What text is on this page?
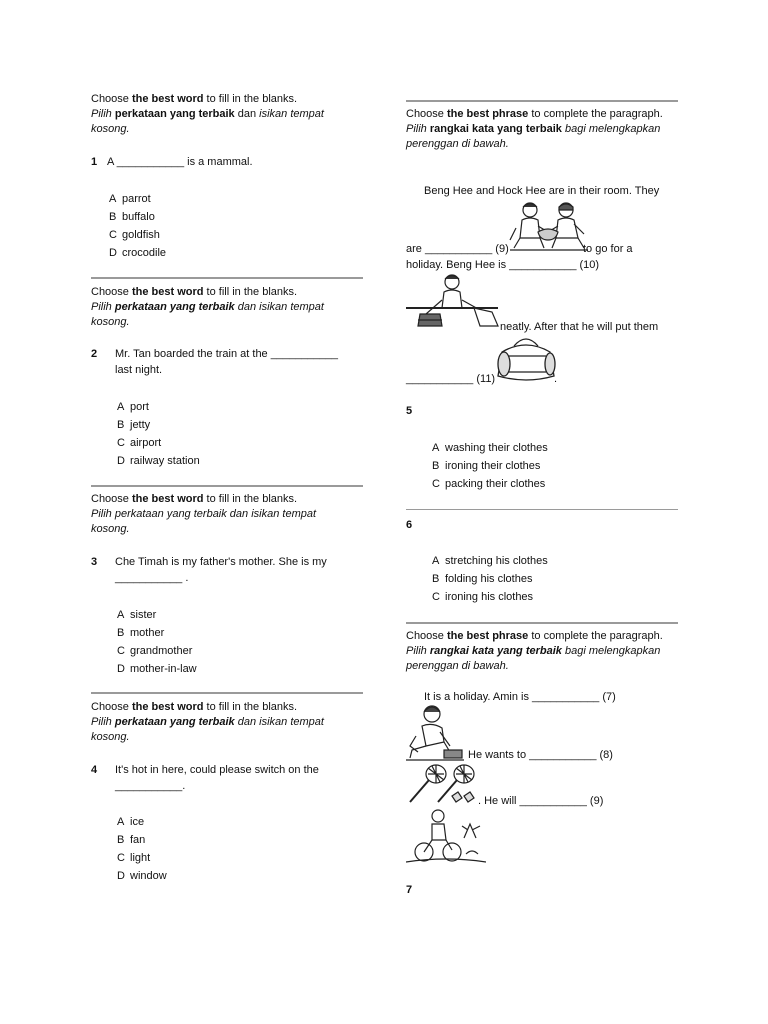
Choose the best word to fill in the blanks.
Pilih perkataan yang terbaik dan isikan tempat
kosong.
1 A ___________ is a mammal.
A parrot
B buffalo
C goldfish
D crocodile
Choose the best word to fill in the blanks.
Pilih perkataan yang terbaik dan isikan tempat
kosong.
2 Mr. Tan boarded the train at the ___________
last night.
A port
B jetty
C airport
D railway station
Choose the best word to fill in the blanks.
Pilih perkataan yang terbaik dan isikan tempat
kosong.
3 Che Timah is my father's mother. She is my
___________ .
A sister
B mother
C grandmother
D mother-in-law
Choose the best word to fill in the blanks.
Pilih perkataan yang terbaik dan isikan tempat
kosong.
4 It's hot in here, could please switch on the
___________.
A ice
B fan
C light
D window
Choose the best phrase to complete the paragraph.
Pilih rangkai kata yang terbaik bagi melengkapkan
perenggan di bawah.
Beng Hee and Hock Hee are in their room. They
are ___________ (9)	to go for a
holiday. Beng Hee is ___________ (10)
neatly. After that he will put them
___________ (11)	.
5
A washing their clothes
B ironing their clothes
C packing their clothes
6
A stretching his clothes
B folding his clothes
C ironing his clothes
Choose the best phrase to complete the paragraph.
Pilih rangkai kata yang terbaik bagi melengkapkan
perenggan di bawah.
It is a holiday. Amin is ___________ (7)
He wants to ___________ (8)
. He will ___________ (9)
7
